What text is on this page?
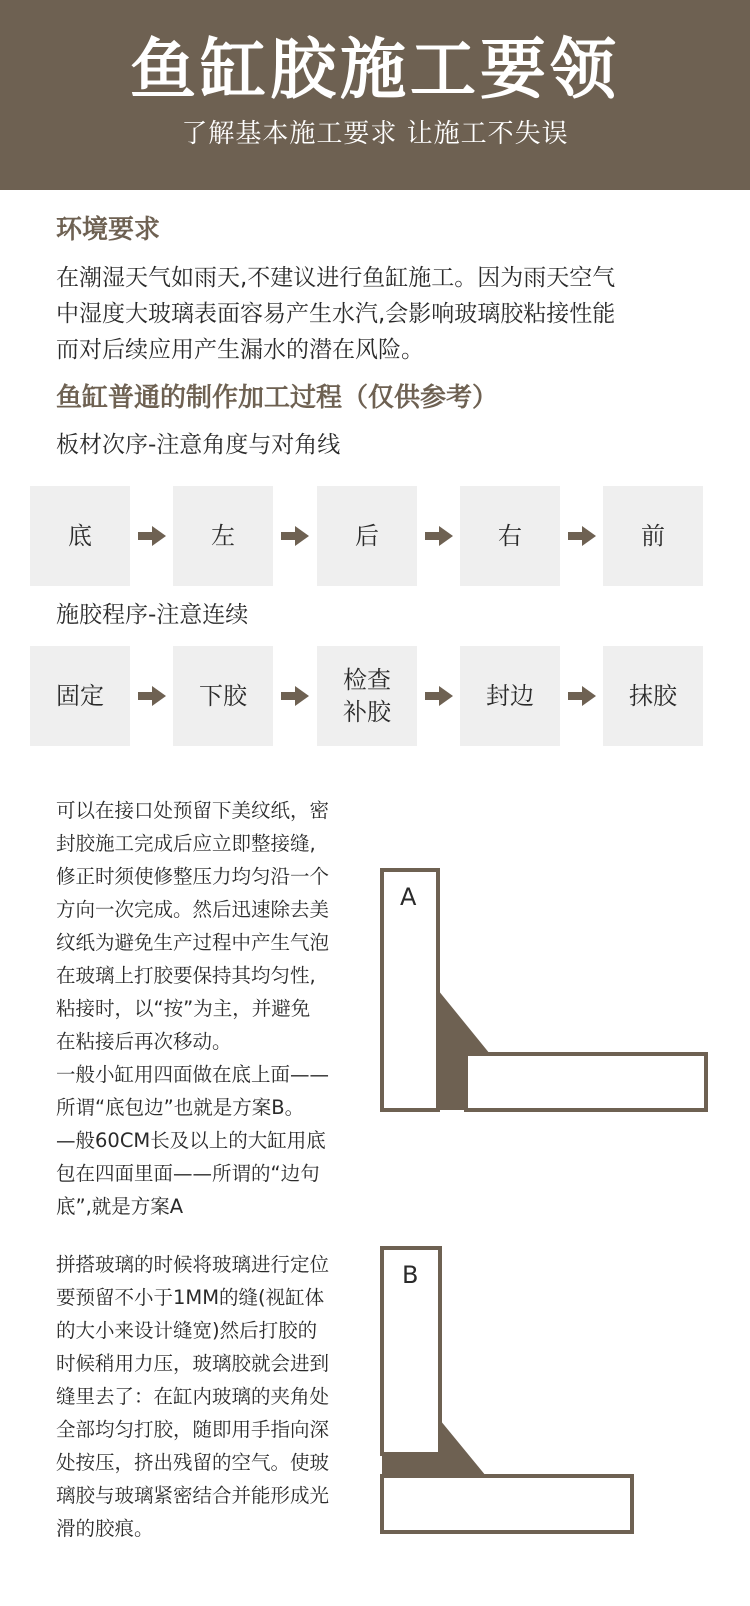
鱼缸胶施工要领
了解基本施工要求 让施工不失误
环境要求
在潮湿天气如雨天,不建议进行鱼缸施工。因为雨天空气
中湿度大玻璃表面容易产生水汽,会影响玻璃胶粘接性能
而对后续应用产生漏水的潜在风险。
鱼缸普通的制作加工过程（仅供参考）
板材次序-注意角度与对角线
底	左	后	右	前
施胶程序-注意连续
固定	下胶
检查
补胶
封边	抹胶
可以在接口处预留下美纹纸，密
封胶施工完成后应立即整接缝,
修正时须使修整压力均匀沿一个
方向一次完成。然后迅速除去美
纹纸为避免生产过程中产生气泡
在玻璃上打胶要保持其均匀性,
粘接时，以“按”为主，并避免
在粘接后再次移动。
一般小缸用四面做在底上面——
所谓“底包边”也就是方案B。
—般60CM长及以上的大缸用底
包在四面里面——所谓的“边句
底”,就是方案A
A
拼搭玻璃的时候将玻璃进行定位
要预留不小于1MM的缝(视缸体
的大小来设计缝宽)然后打胶的
时候稍用力压，玻璃胶就会进到
缝里去了：在缸内玻璃的夹角处
全部均匀打胶，随即用手指向深
处按压，挤出残留的空气。使玻
璃胶与玻璃紧密结合并能形成光
滑的胶痕。
B
